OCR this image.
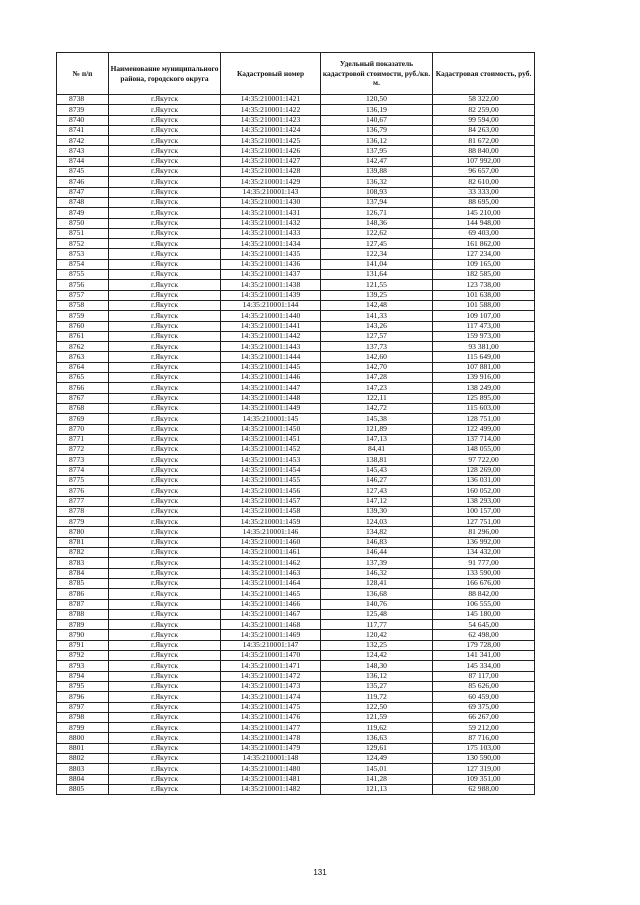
№ п/п	Наименование муниципального района, городского округа	Кадастровый номер	Удельный показатель кадастровой стоимости, руб./кв. м.	Кадастровая стоимость, руб.
8738	г.Якутск	14:35:210001:1421	120,50	58 322,00
8739	г.Якутск	14:35:210001:1422	136,19	82 259,00
8740	г.Якутск	14:35:210001:1423	140,67	99 594,00
8741	г.Якутск	14:35:210001:1424	136,79	84 263,00
8742	г.Якутск	14:35:210001:1425	136,12	81 672,00
8743	г.Якутск	14:35:210001:1426	137,95	88 840,00
8744	г.Якутск	14:35:210001:1427	142,47	107 992,00
8745	г.Якутск	14:35:210001:1428	139,88	96 657,00
8746	г.Якутск	14:35:210001:1429	136,32	82 610,00
8747	г.Якутск	14:35:210001:143	108,93	33 333,00
8748	г.Якутск	14:35:210001:1430	137,94	88 695,00
8749	г.Якутск	14:35:210001:1431	126,71	145 210,00
8750	г.Якутск	14:35:210001:1432	148,36	144 948,00
8751	г.Якутск	14:35:210001:1433	122,62	69 403,00
8752	г.Якутск	14:35:210001:1434	127,45	161 862,00
8753	г.Якутск	14:35:210001:1435	122,34	127 234,00
8754	г.Якутск	14:35:210001:1436	141,04	109 165,00
8755	г.Якутск	14:35:210001:1437	131,64	182 585,00
8756	г.Якутск	14:35:210001:1438	121,55	123 738,00
8757	г.Якутск	14:35:210001:1439	139,25	101 638,00
8758	г.Якутск	14:35:210001:144	142,48	101 588,00
8759	г.Якутск	14:35:210001:1440	141,33	109 107,00
8760	г.Якутск	14:35:210001:1441	143,26	117 473,00
8761	г.Якутск	14:35:210001:1442	127,57	159 973,00
8762	г.Якутск	14:35:210001:1443	137,73	93 381,00
8763	г.Якутск	14:35:210001:1444	142,60	115 649,00
8764	г.Якутск	14:35:210001:1445	142,70	107 881,00
8765	г.Якутск	14:35:210001:1446	147,28	139 916,00
8766	г.Якутск	14:35:210001:1447	147,23	138 249,00
8767	г.Якутск	14:35:210001:1448	122,11	125 895,00
8768	г.Якутск	14:35:210001:1449	142,72	115 603,00
8769	г.Якутск	14:35:210001:145	145,38	128 751,00
8770	г.Якутск	14:35:210001:1450	121,89	122 499,00
8771	г.Якутск	14:35:210001:1451	147,13	137 714,00
8772	г.Якутск	14:35:210001:1452	84,41	148 055,00
8773	г.Якутск	14:35:210001:1453	138,81	97 722,00
8774	г.Якутск	14:35:210001:1454	145,43	128 269,00
8775	г.Якутск	14:35:210001:1455	146,27	136 031,00
8776	г.Якутск	14:35:210001:1456	127,43	160 052,00
8777	г.Якутск	14:35:210001:1457	147,12	138 293,00
8778	г.Якутск	14:35:210001:1458	139,30	100 157,00
8779	г.Якутск	14:35:210001:1459	124,03	127 751,00
8780	г.Якутск	14:35:210001:146	134,82	81 296,00
8781	г.Якутск	14:35:210001:1460	146,83	136 992,00
8782	г.Якутск	14:35:210001:1461	146,44	134 432,00
8783	г.Якутск	14:35:210001:1462	137,39	91 777,00
8784	г.Якутск	14:35:210001:1463	146,32	133 590,00
8785	г.Якутск	14:35:210001:1464	128,41	166 676,00
8786	г.Якутск	14:35:210001:1465	136,68	88 842,00
8787	г.Якутск	14:35:210001:1466	140,76	106 555,00
8788	г.Якутск	14:35:210001:1467	125,48	145 180,00
8789	г.Якутск	14:35:210001:1468	117,77	54 645,00
8790	г.Якутск	14:35:210001:1469	120,42	62 498,00
8791	г.Якутск	14:35:210001:147	132,25	179 728,00
8792	г.Якутск	14:35:210001:1470	124,42	141 341,00
8793	г.Якутск	14:35:210001:1471	148,30	145 334,00
8794	г.Якутск	14:35:210001:1472	136,12	87 117,00
8795	г.Якутск	14:35:210001:1473	135,27	85 626,00
8796	г.Якутск	14:35:210001:1474	119,72	60 459,00
8797	г.Якутск	14:35:210001:1475	122,50	69 375,00
8798	г.Якутск	14:35:210001:1476	121,59	66 267,00
8799	г.Якутск	14:35:210001:1477	119,62	59 212,00
8800	г.Якутск	14:35:210001:1478	136,63	87 716,00
8801	г.Якутск	14:35:210001:1479	129,61	175 103,00
8802	г.Якутск	14:35:210001:148	124,49	130 590,00
8803	г.Якутск	14:35:210001:1480	145,01	127 319,00
8804	г.Якутск	14:35:210001:1481	141,28	109 351,00
8805	г.Якутск	14:35:210001:1482	121,13	62 988,00
131
